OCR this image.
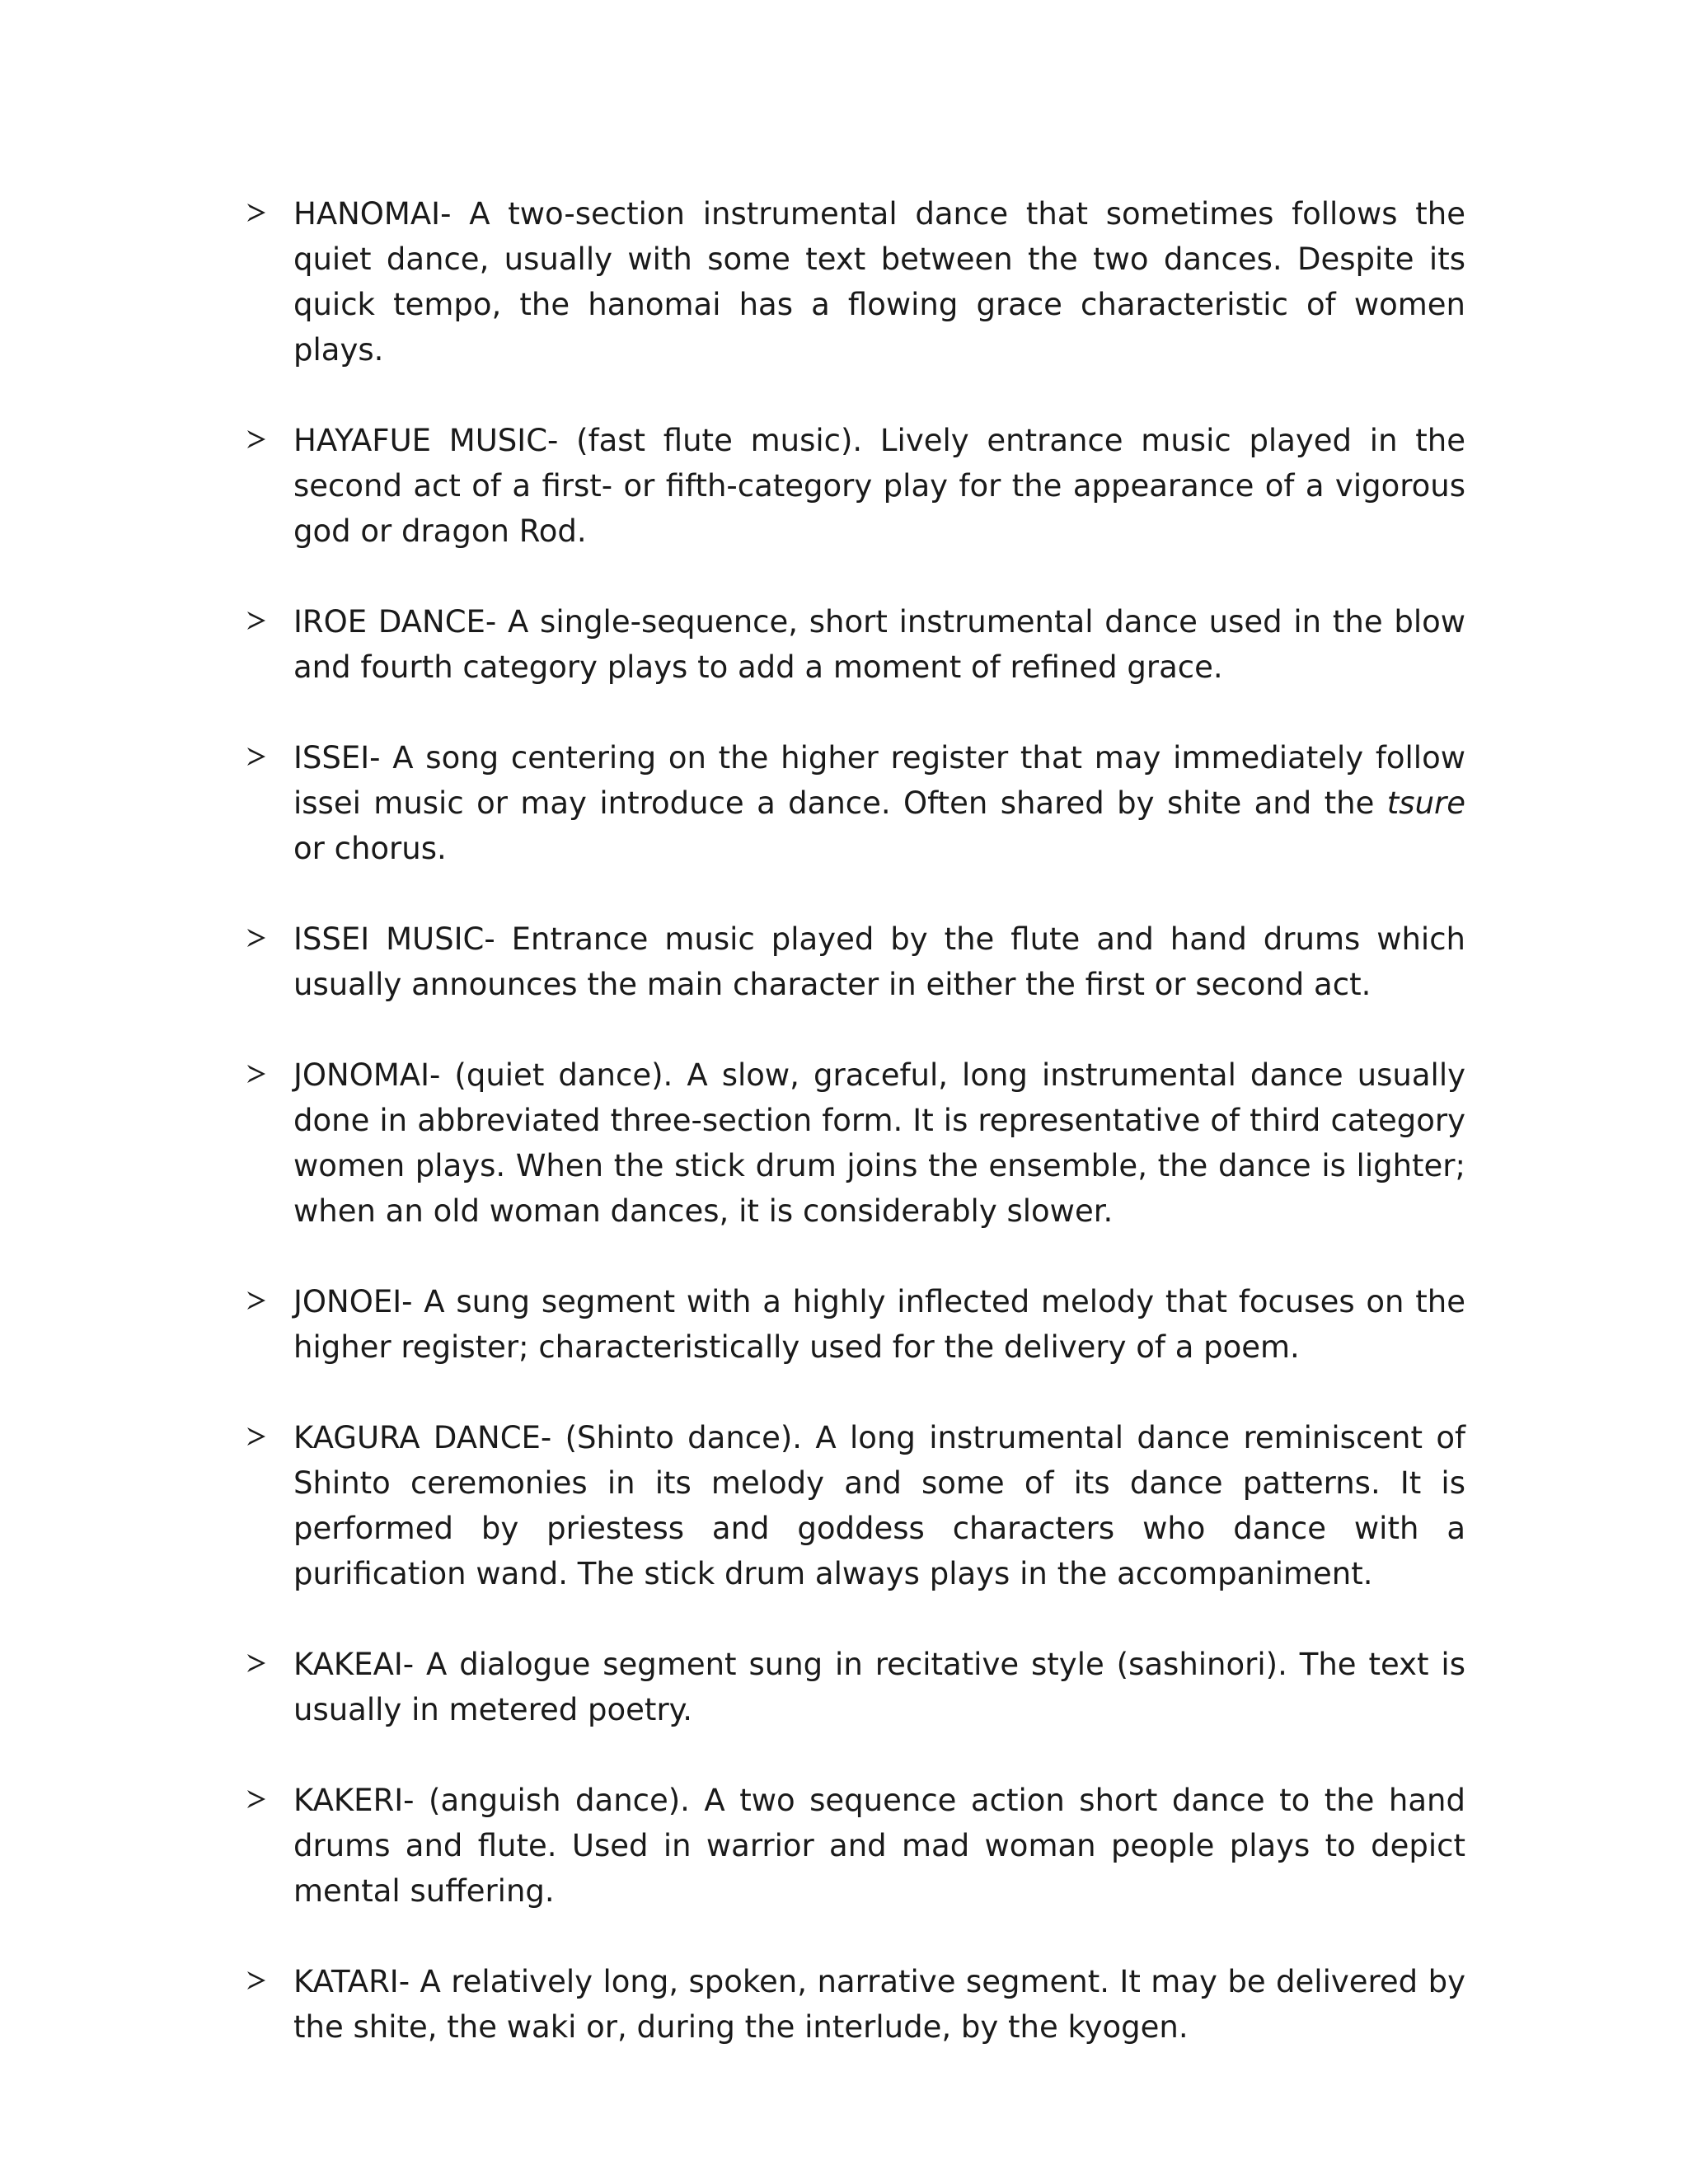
HANOMAI- A two-section instrumental dance that sometimes follows the quiet dance, usually with some text between the two dances. Despite its quick tempo, the hanomai has a flowing grace characteristic of women plays.
HAYAFUE MUSIC- (fast flute music). Lively entrance music played in the second act of a first- or fifth-category play for the appearance of a vigorous god or dragon Rod.
IROE DANCE- A single-sequence, short instrumental dance used in the blow and fourth category plays to add a moment of refined grace.
ISSEI- A song centering on the higher register that may immediately follow issei music or may introduce a dance. Often shared by shite and the tsure or chorus.
ISSEI MUSIC- Entrance music played by the flute and hand drums which usually announces the main character in either the first or second act.
JONOMAI- (quiet dance). A slow, graceful, long instrumental dance usually done in abbreviated three-section form. It is representative of third category women plays. When the stick drum joins the ensemble, the dance is lighter; when an old woman dances, it is considerably slower.
JONOEI- A sung segment with a highly inflected melody that focuses on the higher register; characteristically used for the delivery of a poem.
KAGURA DANCE- (Shinto dance). A long instrumental dance reminiscent of Shinto ceremonies in its melody and some of its dance patterns. It is performed by priestess and goddess characters who dance with a purification wand. The stick drum always plays in the accompaniment.
KAKEAI- A dialogue segment sung in recitative style (sashinori). The text is usually in metered poetry.
KAKERI- (anguish dance). A two sequence action short dance to the hand drums and flute. Used in warrior and mad woman people plays to depict mental suffering.
KATARI- A relatively long, spoken, narrative segment. It may be delivered by the shite, the waki or, during the interlude, by the kyogen.
